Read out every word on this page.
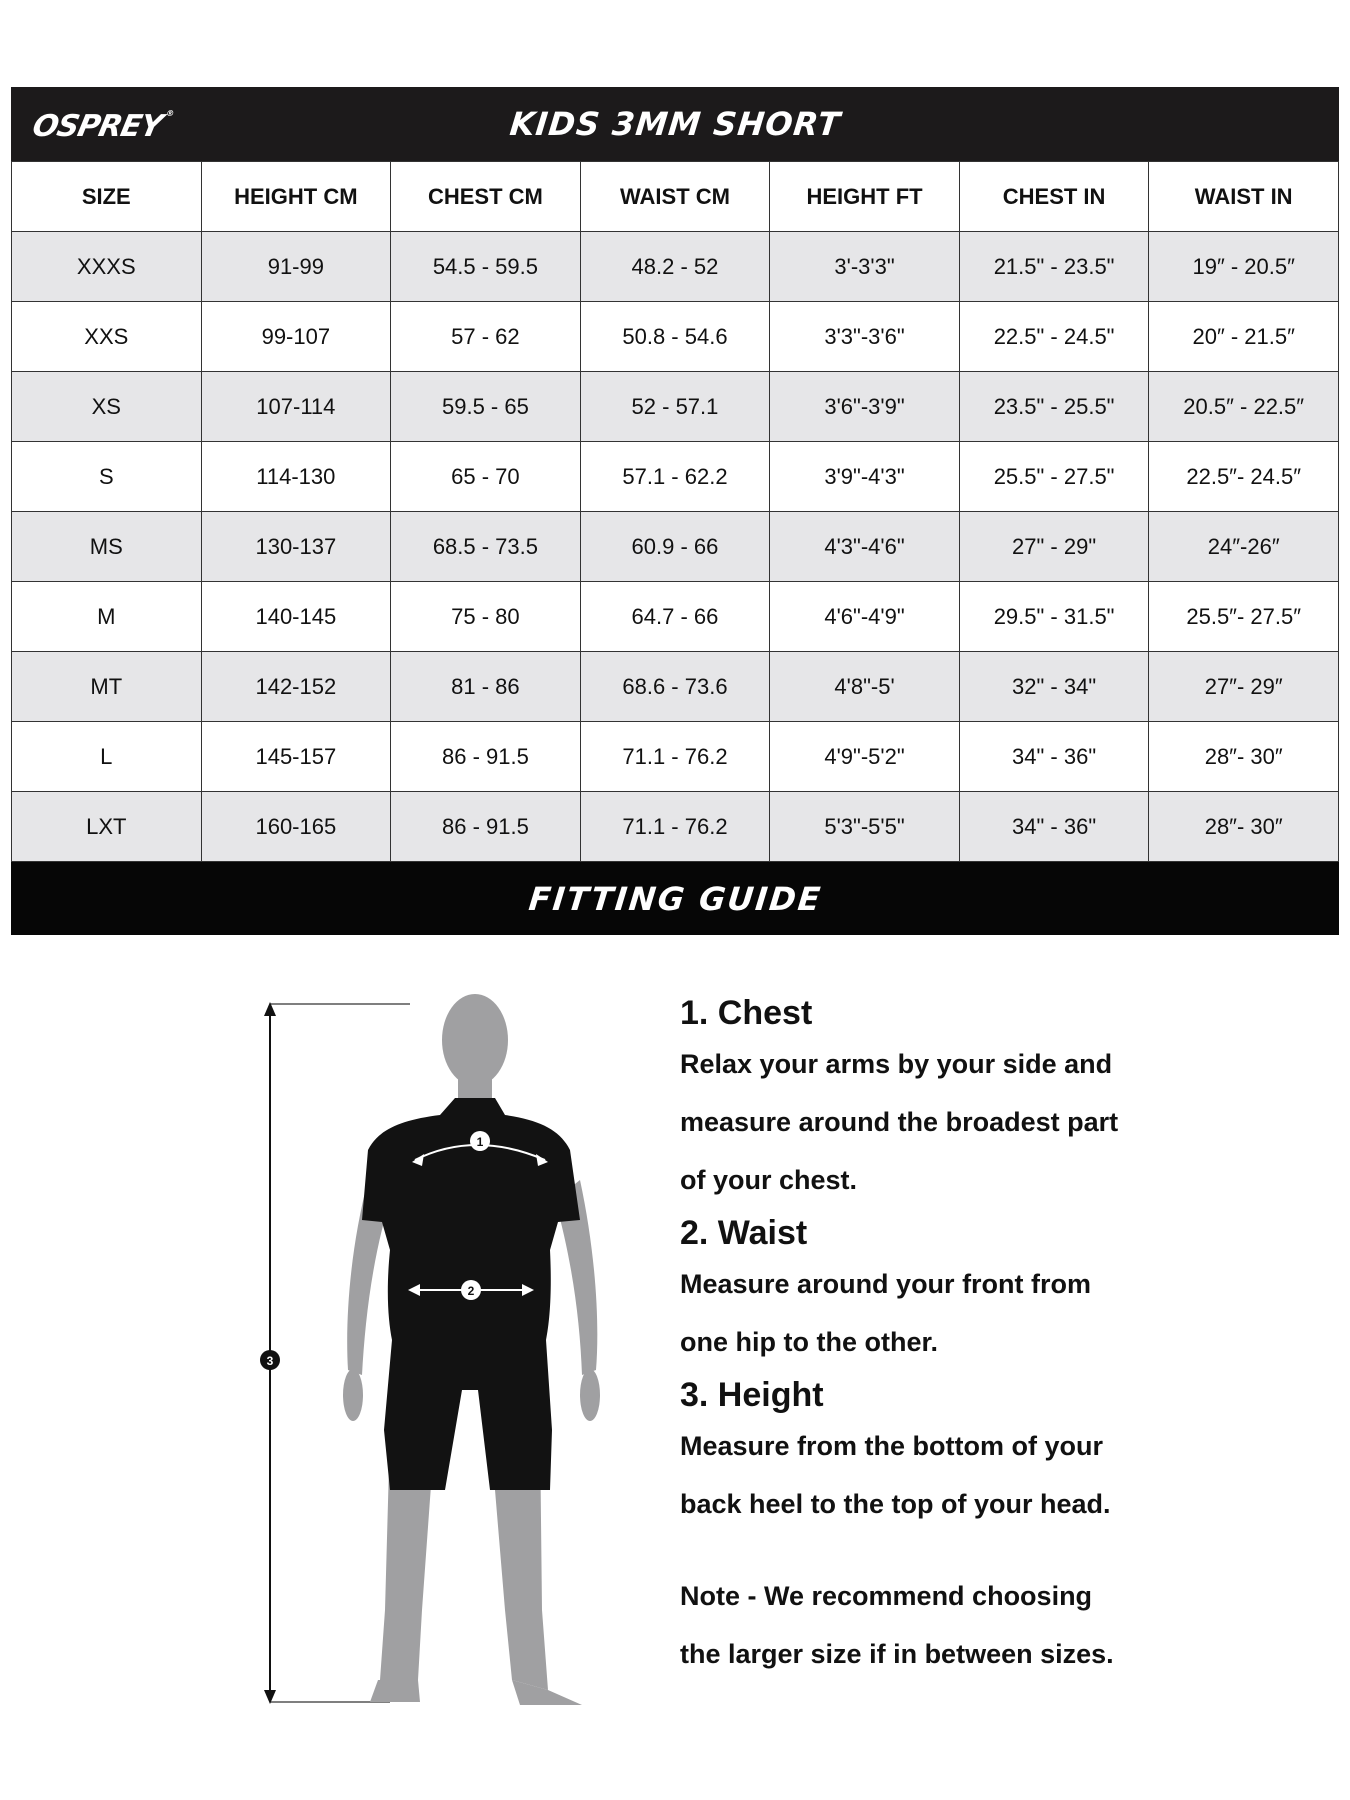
OSPREY®	KIDS 3MM SHORT
SIZE	HEIGHT CM	CHEST CM	WAIST CM	HEIGHT FT	CHEST IN	WAIST IN
XXXS	91-99	54.5 - 59.5	48.2 - 52	3'-3'3"	21.5" - 23.5"	19″ - 20.5″
XXS	99-107	57 - 62	50.8 - 54.6	3'3"-3'6"	22.5" - 24.5"	20″ - 21.5″
XS	107-114	59.5 - 65	52 - 57.1	3'6"-3'9"	23.5" - 25.5"	20.5″ - 22.5″
S	114-130	65 - 70	57.1 - 62.2	3'9"-4'3"	25.5" - 27.5"	22.5″- 24.5″
MS	130-137	68.5 - 73.5	60.9 - 66	4'3"-4'6"	27" - 29"	24″-26″
M	140-145	75 - 80	64.7 - 66	4'6"-4'9"	29.5" - 31.5"	25.5″- 27.5″
MT	142-152	81 - 86	68.6 - 73.6	4'8"-5'	32" - 34"	27″- 29″
L	145-157	86 - 91.5	71.1 - 76.2	4'9"-5'2"	34" - 36"	28″- 30″
LXT	160-165	86 - 91.5	71.1 - 76.2	5'3"-5'5"	34" - 36"	28″- 30″
FITTING GUIDE
3
1
2

1. Chest

Relax your arms by your side and

measure around the broadest part

of your chest.

2. Waist

Measure around your front from

one hip to the other.

3. Height

Measure from the bottom of your

back heel to the top of your head.

Note - We recommend choosing

the larger size if in between sizes.
